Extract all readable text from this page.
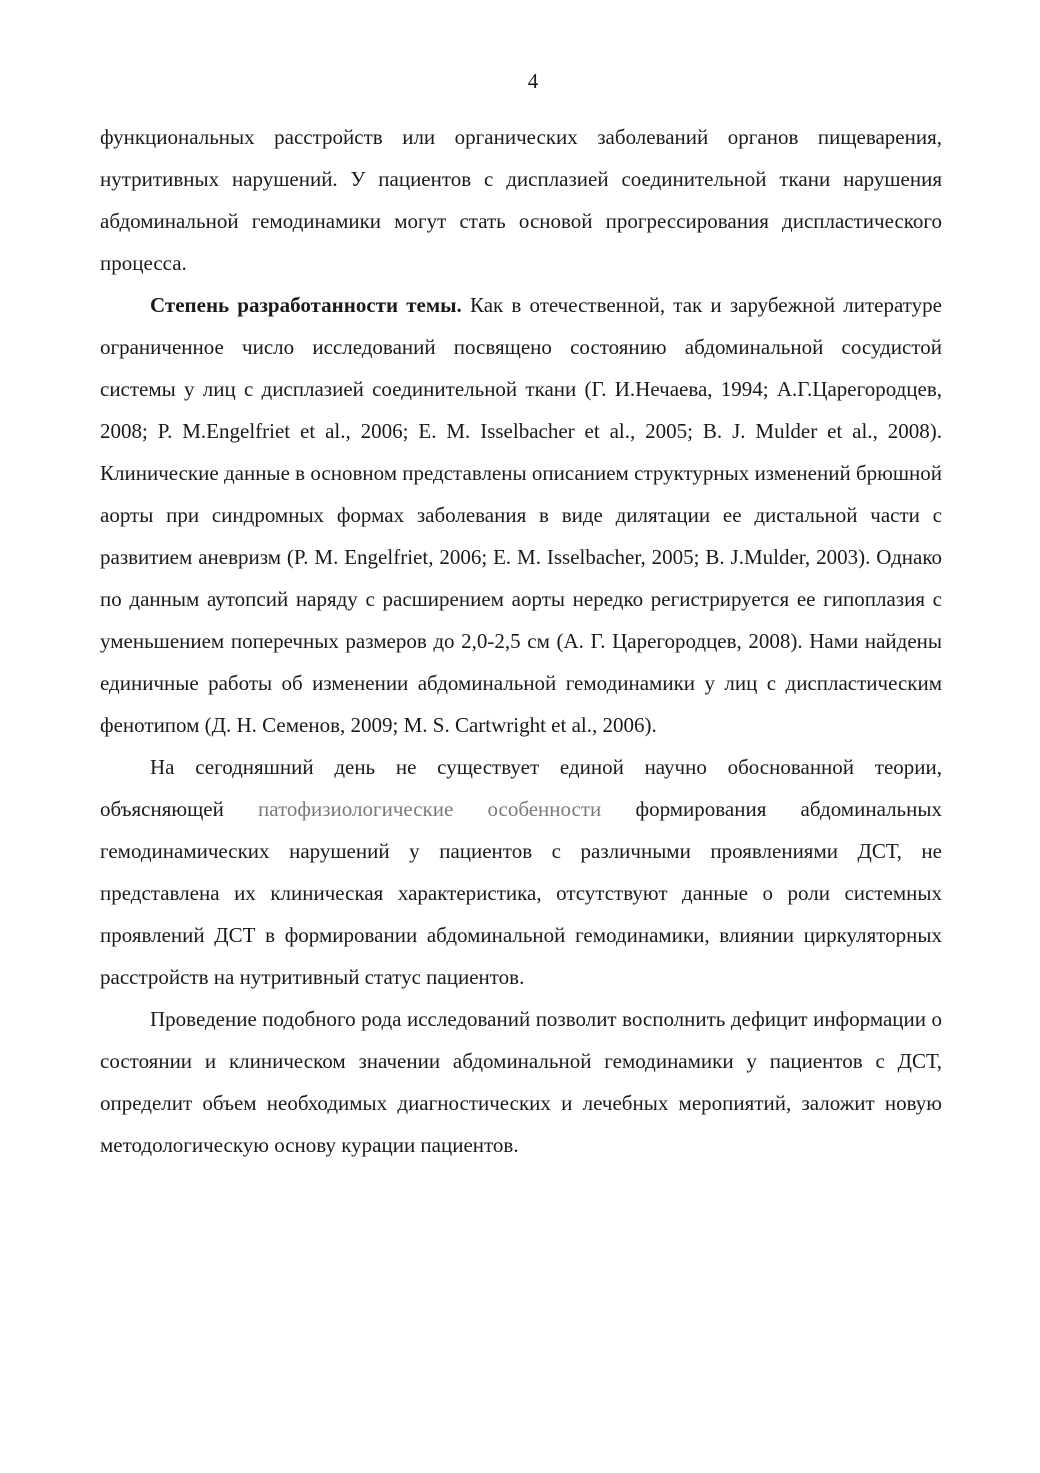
4

функциональных расстройств или органических заболеваний органов пищеварения, нутритивных нарушений. У пациентов с дисплазией соединительной ткани нарушения абдоминальной гемодинамики могут стать основой прогрессирования диспластического процесса.

Степень разработанности темы. Как в отечественной, так и зарубежной литературе ограниченное число исследований посвящено состоянию абдоминальной сосудистой системы у лиц с дисплазией соединительной ткани (Г. И.Нечаева, 1994; А.Г.Царегородцев, 2008; P. M.Engelfriet et al., 2006; E. M. Isselbacher et al., 2005; B. J. Mulder et al., 2008). Клинические данные в основном представлены описанием структурных изменений брюшной аорты при синдромных формах заболевания в виде дилятации ее дистальной части с развитием аневризм (P. M. Engelfriet, 2006; E. M. Isselbacher, 2005; B. J.Mulder, 2003). Однако по данным аутопсий наряду с расширением аорты нередко регистрируется ее гипоплазия с уменьшением поперечных размеров до 2,0-2,5 см (А. Г. Царегородцев, 2008). Нами найдены единичные работы об изменении абдоминальной гемодинамики у лиц с диспластическим фенотипом (Д. Н. Семенов, 2009; M. S. Cartwright et al., 2006).

На сегодняшний день не существует единой научно обоснованной теории, объясняющей патофизиологические особенности формирования абдоминальных гемодинамических нарушений у пациентов с различными проявлениями ДСТ, не представлена их клиническая характеристика, отсутствуют данные о роли системных проявлений ДСТ в формировании абдоминальной гемодинамики, влиянии циркуляторных расстройств на нутритивный статус пациентов.

Проведение подобного рода исследований позволит восполнить дефицит информации о состоянии и клиническом значении абдоминальной гемодинамики у пациентов с ДСТ, определит объем необходимых диагностических и лечебных меропиятий, заложит новую методологическую основу курации пациентов.
